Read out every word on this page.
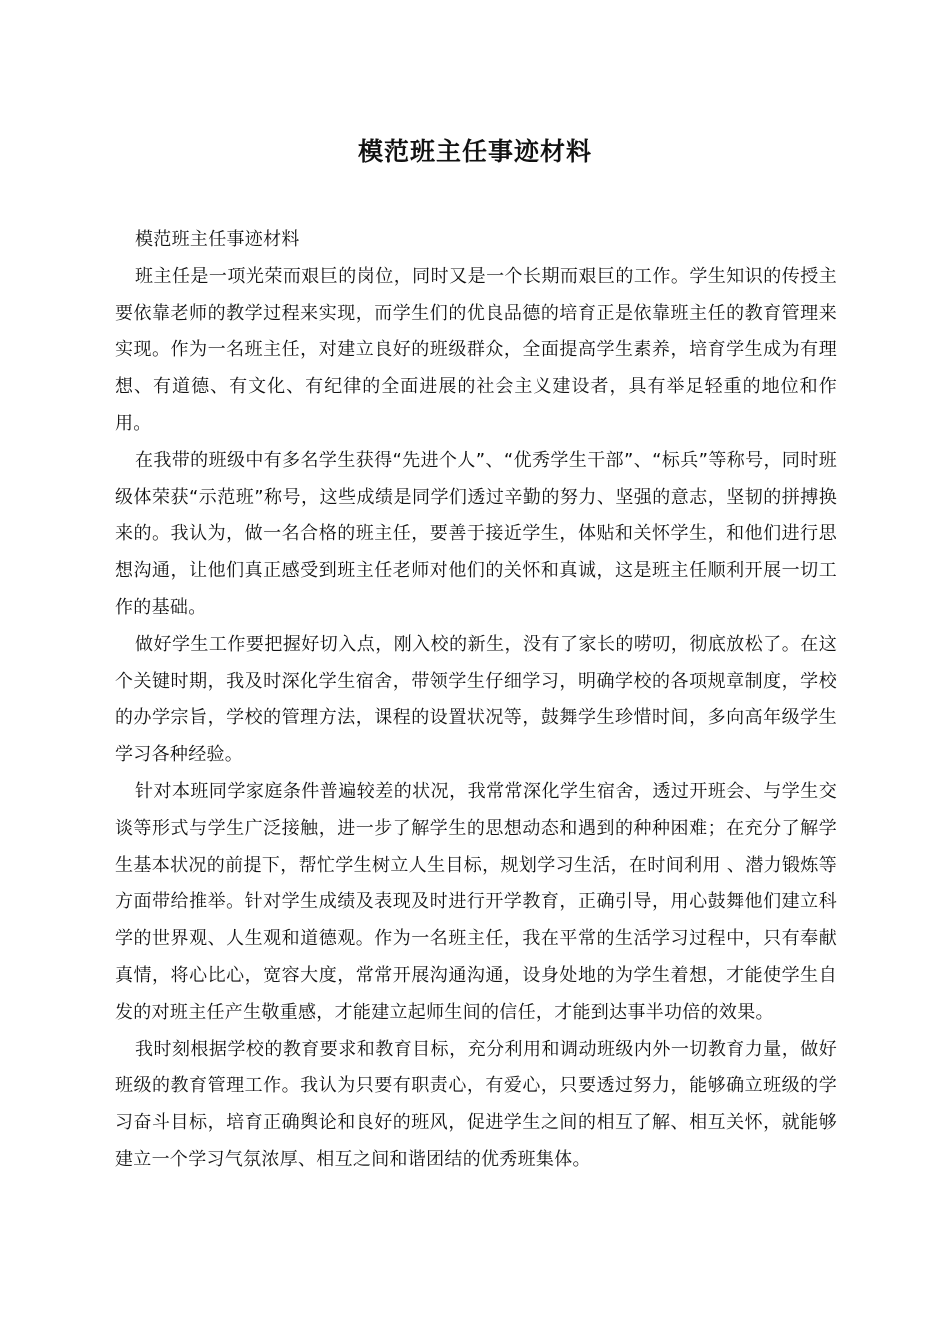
模范班主任事迹材料

模范班主任事迹材料

班主任是一项光荣而艰巨的岗位，同时又是一个长期而艰巨的工作。学生知识的传授主要依靠老师的教学过程来实现，而学生们的优良品德的培育正是依靠班主任的教育管理来实现。作为一名班主任，对建立良好的班级群众，全面提高学生素养，培育学生成为有理想、有道德、有文化、有纪律的全面进展的社会主义建设者，具有举足轻重的地位和作用。

在我带的班级中有多名学生获得“先进个人”、“优秀学生干部”、“标兵”等称号，同时班级体荣获“示范班”称号，这些成绩是同学们透过辛勤的努力、坚强的意志，坚韧的拼搏换来的。我认为，做一名合格的班主任，要善于接近学生，体贴和关怀学生，和他们进行思想沟通，让他们真正感受到班主任老师对他们的关怀和真诚，这是班主任顺利开展一切工作的基础。

做好学生工作要把握好切入点，刚入校的新生，没有了家长的唠叨，彻底放松了。在这个关键时期，我及时深化学生宿舍，带领学生仔细学习，明确学校的各项规章制度，学校的办学宗旨，学校的管理方法，课程的设置状况等，鼓舞学生珍惜时间，多向高年级学生学习各种经验。

针对本班同学家庭条件普遍较差的状况，我常常深化学生宿舍，透过开班会、与学生交谈等形式与学生广泛接触，进一步了解学生的思想动态和遇到的种种困难；在充分了解学生基本状况的前提下，帮忙学生树立人生目标，规划学习生活，在时间利用 、潜力锻炼等方面带给推举。针对学生成绩及表现及时进行开学教育，正确引导，用心鼓舞他们建立科学的世界观、人生观和道德观。作为一名班主任，我在平常的生活学习过程中，只有奉献真情，将心比心，宽容大度，常常开展沟通沟通，设身处地的为学生着想，才能使学生自发的对班主任产生敬重感，才能建立起师生间的信任，才能到达事半功倍的效果。

我时刻根据学校的教育要求和教育目标，充分利用和调动班级内外一切教育力量，做好班级的教育管理工作。我认为只要有职责心，有爱心，只要透过努力，能够确立班级的学习奋斗目标，培育正确舆论和良好的班风，促进学生之间的相互了解、相互关怀，就能够建立一个学习气氛浓厚、相互之间和谐团结的优秀班集体。
